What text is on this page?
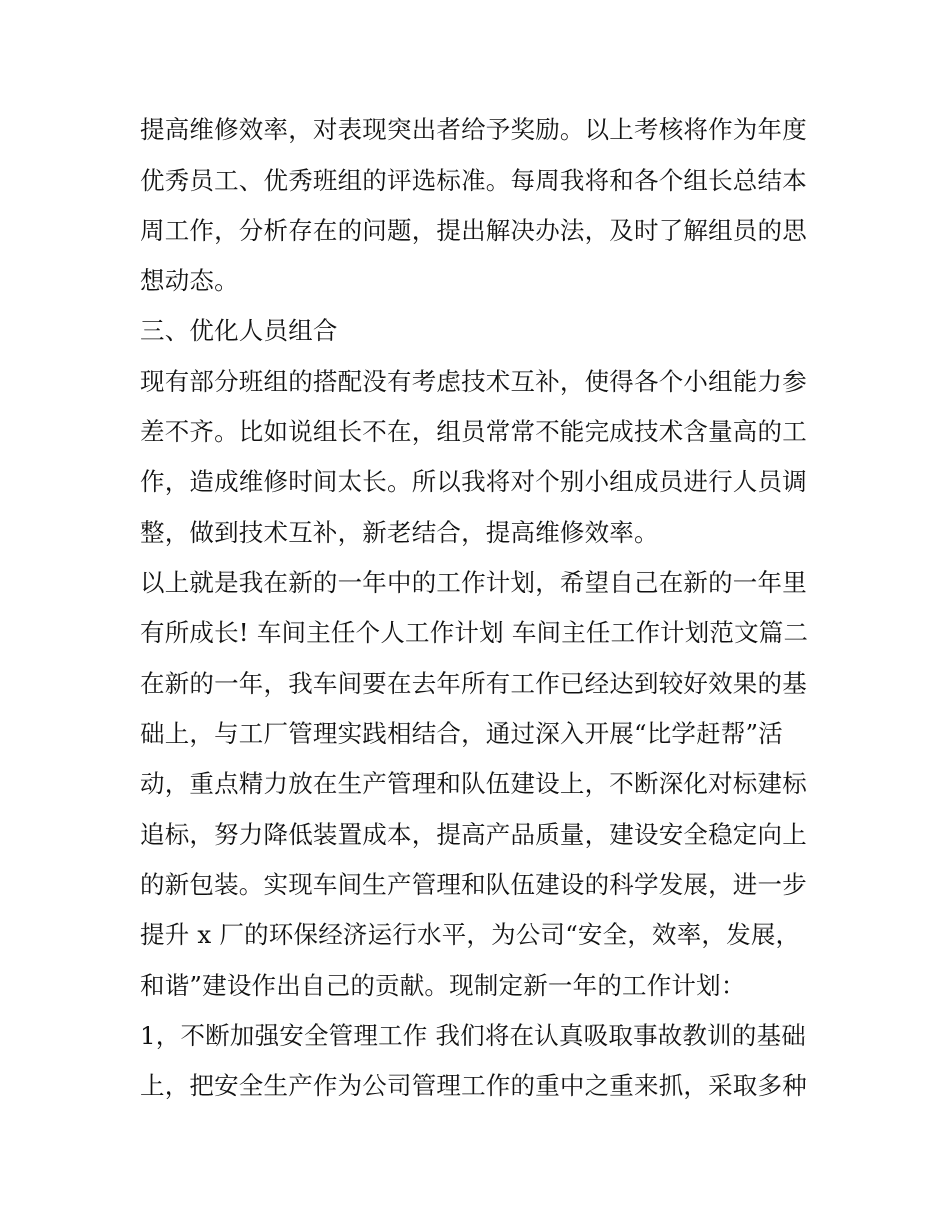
提高维修效率，对表现突出者给予奖励。以上考核将作为年度
优秀员工、优秀班组的评选标准。每周我将和各个组长总结本
周工作，分析存在的问题，提出解决办法，及时了解组员的思
想动态。
三、优化人员组合
现有部分班组的搭配没有考虑技术互补，使得各个小组能力参
差不齐。比如说组长不在，组员常常不能完成技术含量高的工
作，造成维修时间太长。所以我将对个别小组成员进行人员调
整，做到技术互补，新老结合，提高维修效率。
以上就是我在新的一年中的工作计划，希望自己在新的一年里
有所成长! 车间主任个人工作计划 车间主任工作计划范文篇二
在新的一年，我车间要在去年所有工作已经达到较好效果的基
础上，与工厂管理实践相结合，通过深入开展“比学赶帮”活
动，重点精力放在生产管理和队伍建设上，不断深化对标建标
追标，努力降低装置成本，提高产品质量，建设安全稳定向上
的新包装。实现车间生产管理和队伍建设的科学发展，进一步
提升 x 厂的环保经济运行水平，为公司“安全，效率，发展，
和谐”建设作出自己的贡献。现制定新一年的工作计划：
1，不断加强安全管理工作 我们将在认真吸取事故教训的基础
上，把安全生产作为公司管理工作的重中之重来抓，采取多种
